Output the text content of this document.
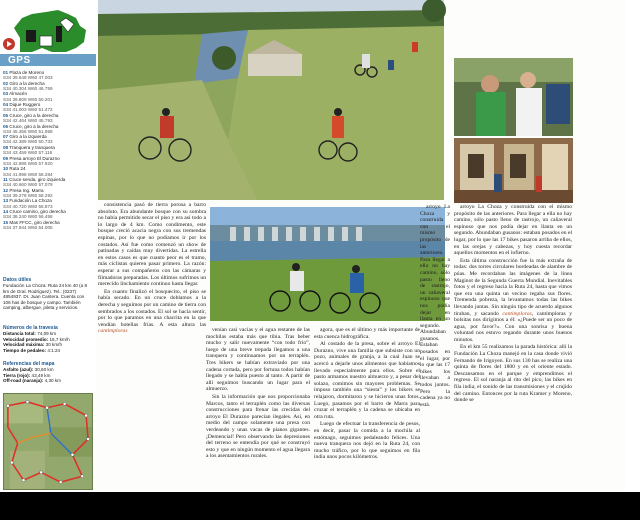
GPS
01 Plaza de Moreno
S34 39.648 W60 47.003
02 Giro a la derecha
S34 40.304 W60 46.759
03 Almacén
S34 39.809 W60 50.201
04 Dique Ruggero
S34 41.003 W60 51.472
05 Cruce, giro a la derecha
S34 42.464 W60 45.793
06 Cruce, giro a la derecha
S34 45.356 W60 51.958
07 Giro a la izquierda
S34 42.389 W60 50.733
08 Tranquera y tranquera
S34 43.459 W60 57.116
09 Presa arroyo El Durazno
S34 42.896 W60 57.920
10 Ruta 24
S34 41.998 W60 58.284
11 Cruce senda, giro izquierda
S34 40.660 W60 57.079
12 Presa Ing. Marra
S34 39.278 W60 58.292
13 Fundación La Choza
S34 40.720 W60 56.873
14 Cruce camino, giro derecha
S34 38.240 W60 56.458
15 Mas FFCC, giro derecha
S34 37.944 W60 54.005
Datos útiles
Fundación La Choza: Ruta 24 km 40 (a 8 km de Gral. Rodríguez). Tel.: (0237) 4854937. Dr. Juan Cantera. Cuenta con 106 has de bosque y campo. También camping, albergue, pileta y servicios.
Números de la travesía
Distancia total: 74,09 km
Velocidad promedio: 16,7 km/h
Velocidad máxima: 30 km/h
Tiempo de pedaleo: 4:1:24
Referencias del mapa
Asfalto (azul): 30,60 km
Tierra (rojo): 43,49 km
Off-road (naranja): 4,30 km

consistencia pasó de tierra porosa a barro absoluto. Era abundante bosque con su sombra no había permitido secar el piso y era así todo a lo largo de 4 km. Como condimento, este bosque creció acacia negra con sus tremendas espinas, por lo que no podíamos ir por los costados. Así fue como comenzó un show de patinadas y caídas muy divertidas. La estrella en estos casos es que cuanto peor es el tramo, más ciclistas quieren pasar primero. La razón: esperar a sus compañeros con las cámaras y filmadoras preparadas. Los últimos sufrimos un merecido linchamiento continuo hasta llegar.

En cuanto finalizó el bosquecito, el piso se había secado. En un cruce doblamos a la derecha y seguimos por un camino de tierra con sembrados a los costados. El sol se hacía sentir, por lo que paramos en una chacrita en la que vendían botellas frías. A esta altura las cantimploras	venían casi vacías y el agua restante de las mochilas estaba más que tibia. Tras beber mucho y salir nuevamente “con todo frío”, luego de una breve trepada llegamos a una tranquera y continuamos por un terraplén. Tres bikers se habían extraviado por una cadena cortada, pero por fortuna todos habían llegado y se había puesto al tanto. A partir de allí seguimos buscando un lugar para el almuerzo.

Sin la información que nos proporcionaba Marcos, tanto el terraplén como las diversas construcciones para frenar las crecidas del arroyo El Durazno parecían ilegales. Así, en medio del campo solamente una presa con verdeando y unas vacas de pianos gigantes. ¡Demencial! Pero observando las depresiones del terreno se entendía por qué se construyó esto y que en ningún momento el agua llegara a los asentamientos rurales.

agora, que es el último y más importante de esta cuenca hidrográfica.

Al costado de la presa, sobre el arroyo El Durazno, vive una familia que subsiste con un pozo, animales de granja, a la cual Juan se acercó a dejarle unos alimentos que habíamos llevado especialmente para ellos. Sobre el pasto armamos nuestro almuerzo y, a pesar del solazo, comimos sin mayores problemas. Se impuso también una “siesta” y los bikers se relajaron, dormitaron y se hicieron unas fotos. Luego, pasamos por el barro de Marra para cruzar el terraplén y la cadena se ubicaba en otra ruta.

Luego de efectuar la transferencia de pesos, en decir, pasar la comida a la mochila al estómago, seguimos pedaleando felices. Una nueva tranquera nos dejó en la Ruta 24, con mucho tráfico, por lo que seguimos en fila india unos pocos kilómetros.

arroyo La Choza y construida con el mismo propósito de las anteriores. Para llegar a ella no hay camino, sólo pasto lleno de rastrojo, un cañaveral espinoso que nos podía dejar en llanta en un segundo. Abundaban gusanos. Estaban posados en el lugar, por lo que las 17 bikes los llevaban a todos juntos. Pero la cadena ya no está.

arroyo La Choza y construida con el mismo propósito de las anteriores. Para llegar a ella no hay camino, sólo pasto lleno de rastrojo, un cañaveral espinoso que nos podía dejar en llanta en un segundo. Abundaban gusanos: estaban posados en el lugar, por lo que las 17 bikes pasaron arriba de ellos, en las orejas y cabezas, y hoy cuesta recordar aquellos momentos en el infierno.

Esta última construcción fue la más extraña de todas: dos torres circulares bordeadas de alambre de púas. Me recordaban las imágenes de la línea Maginot de la Segunda Guerra Mundial. Inevitables fotos y el regreso hacia la Ruta 24, hasta que vimos que era una quinta un vecino regaba sus flores. Tremenda pobreza, la levantamos todas las bikes llevando juntas. Sin ningún tipo de acuerdo algunos tiraban, y sacando cantimploras, cantimploras y bolsitas nos dirigimos a él: «¿Puede ser un poco de agua, por favor?». Con una sonrisa y buena voluntad nos estuvo regando durante unos buenos minutos.

En el km 55 realizamos la parada histórica: allí la Fundación La Choza manejó en la casa donde vivió Fernando de Irigoyen. En sus 130 has se realiza una quinta de flores del 1800 y en el oriente estado. Descansamos en el parque y emprendimos el regreso. El sol naranja al rito del pico, las bikes en fila india, el sonido de las transmisiones y el crujido del camino. Entonces por la ruta Kramer y Moreno, donde se
